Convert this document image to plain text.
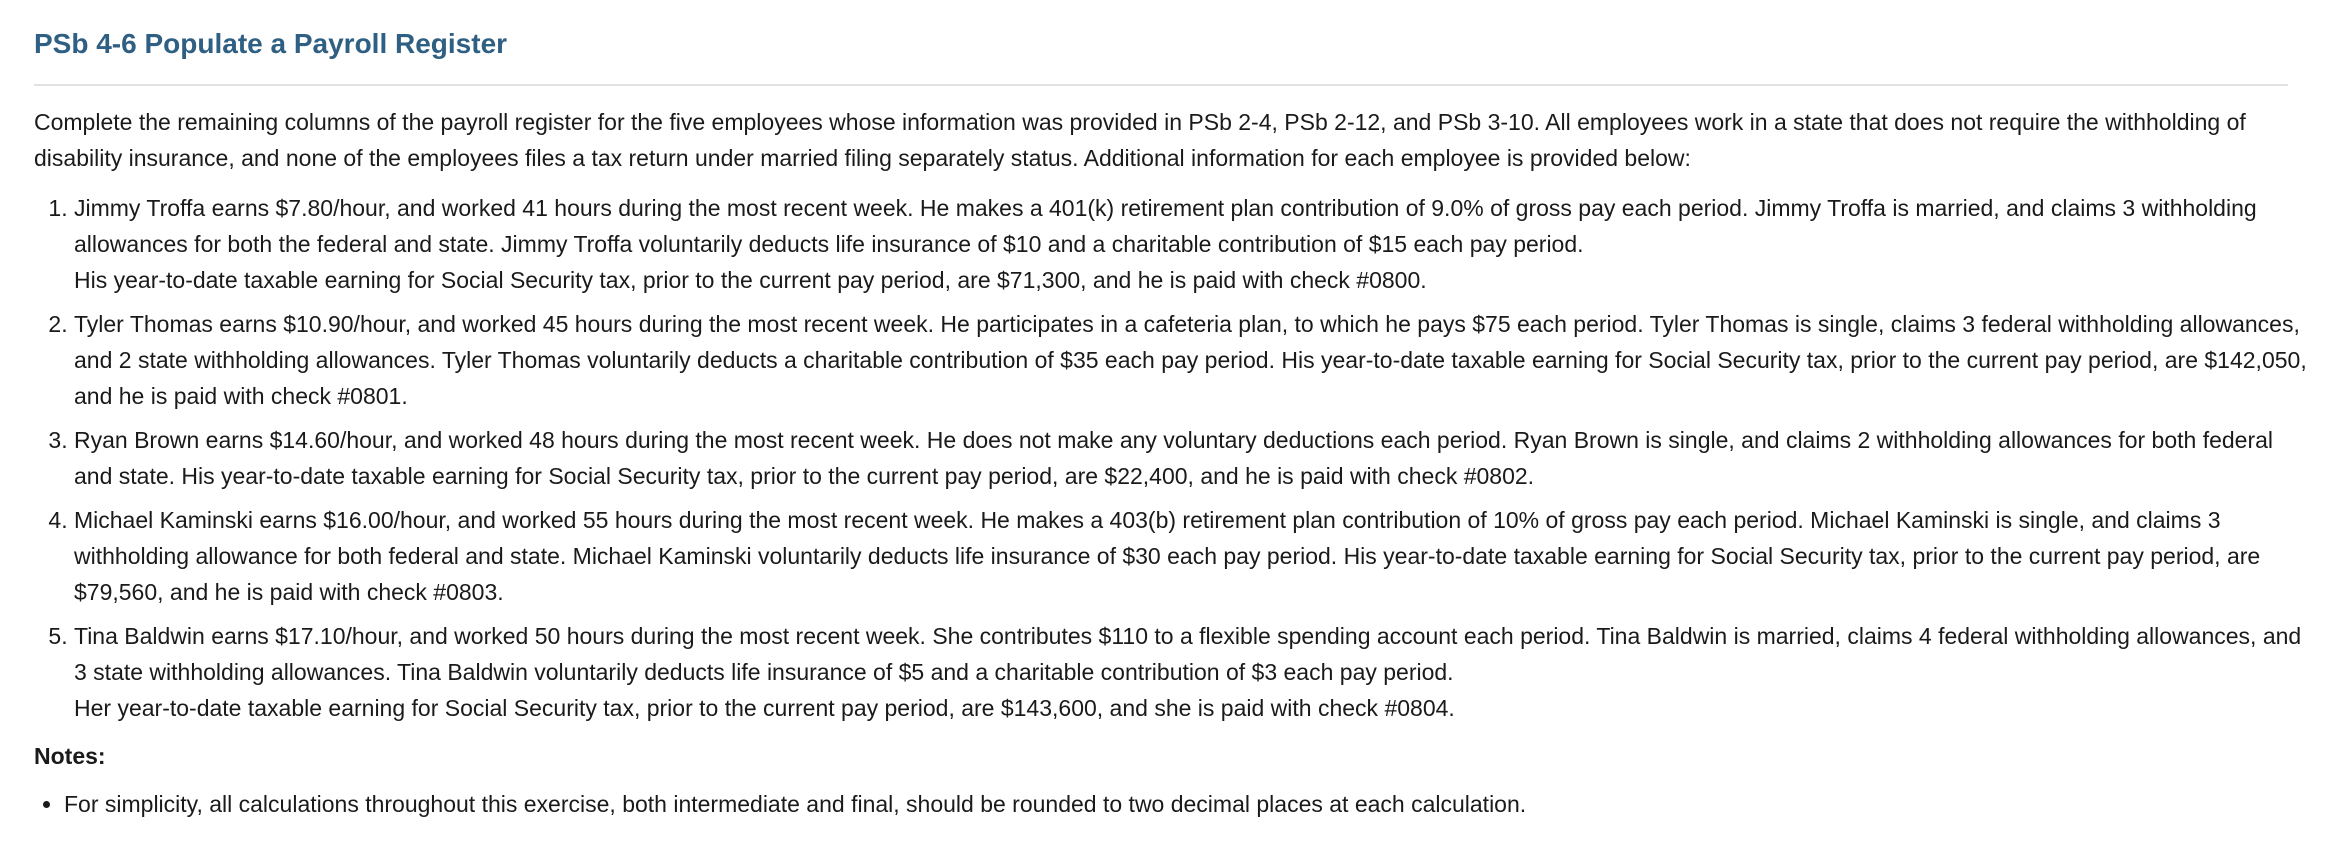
PSb 4-6 Populate a Payroll Register

Complete the remaining columns of the payroll register for the five employees whose information was provided in PSb 2-4, PSb 2-12, and PSb 3-10. All employees work in a state that does not require the withholding of disability insurance, and none of the employees files a tax return under married filing separately status. Additional information for each employee is provided below:

1. Jimmy Troffa earns $7.80/hour, and worked 41 hours during the most recent week. He makes a 401(k) retirement plan contribution of 9.0% of gross pay each period. Jimmy Troffa is married, and claims 3 withholding allowances for both the federal and state. Jimmy Troffa voluntarily deducts life insurance of $10 and a charitable contribution of $15 each pay period.
His year-to-date taxable earning for Social Security tax, prior to the current pay period, are $71,300, and he is paid with check #0800.
2. Tyler Thomas earns $10.90/hour, and worked 45 hours during the most recent week. He participates in a cafeteria plan, to which he pays $75 each period. Tyler Thomas is single, claims 3 federal withholding allowances, and 2 state withholding allowances. Tyler Thomas voluntarily deducts a charitable contribution of $35 each pay period. His year-to-date taxable earning for Social Security tax, prior to the current pay period, are $142,050, and he is paid with check #0801.
3. Ryan Brown earns $14.60/hour, and worked 48 hours during the most recent week. He does not make any voluntary deductions each period. Ryan Brown is single, and claims 2 withholding allowances for both federal and state. His year-to-date taxable earning for Social Security tax, prior to the current pay period, are $22,400, and he is paid with check #0802.
4. Michael Kaminski earns $16.00/hour, and worked 55 hours during the most recent week. He makes a 403(b) retirement plan contribution of 10% of gross pay each period. Michael Kaminski is single, and claims 3 withholding allowance for both federal and state. Michael Kaminski voluntarily deducts life insurance of $30 each pay period. His year-to-date taxable earning for Social Security tax, prior to the current pay period, are $79,560, and he is paid with check #0803.
5. Tina Baldwin earns $17.10/hour, and worked 50 hours during the most recent week. She contributes $110 to a flexible spending account each period. Tina Baldwin is married, claims 4 federal withholding allowances, and 3 state withholding allowances. Tina Baldwin voluntarily deducts life insurance of $5 and a charitable contribution of $3 each pay period.
Her year-to-date taxable earning for Social Security tax, prior to the current pay period, are $143,600, and she is paid with check #0804.
Notes:
• For simplicity, all calculations throughout this exercise, both intermediate and final, should be rounded to two decimal places at each calculation.
